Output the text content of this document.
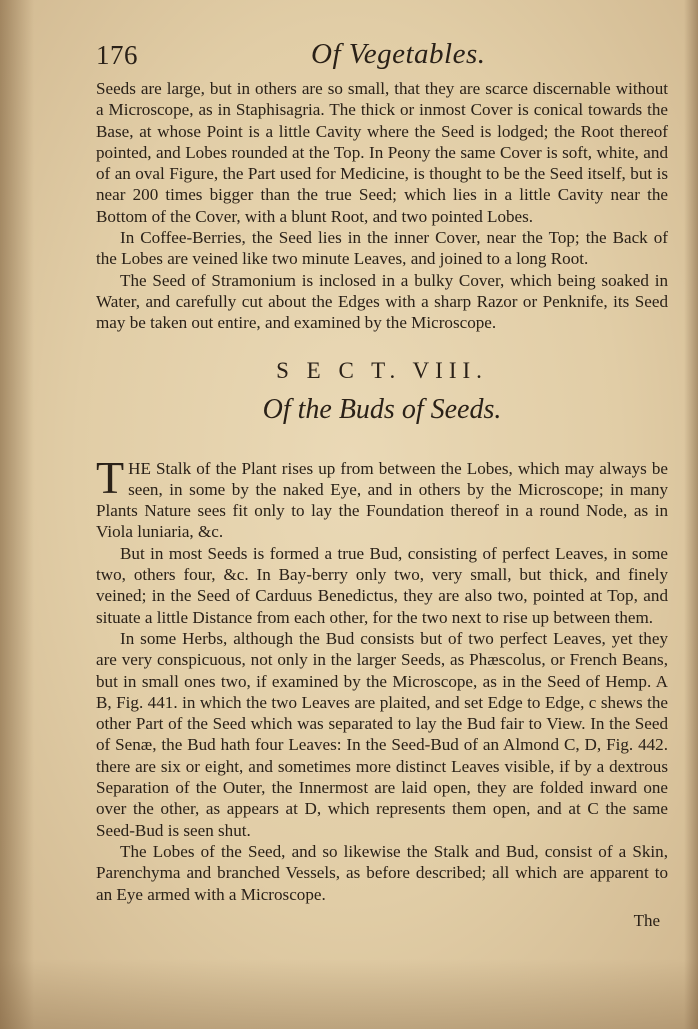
176	Of Vegetables.

Seeds are large, but in others are so small, that they are scarce discernable without a Microscope, as in Staphisagria. The thick or inmost Cover is conical towards the Base, at whose Point is a little Cavity where the Seed is lodged; the Root thereof pointed, and Lobes rounded at the Top. In Peony the same Cover is soft, white, and of an oval Figure, the Part used for Medicine, is thought to be the Seed itself, but is near 200 times bigger than the true Seed; which lies in a little Cavity near the Bottom of the Cover, with a blunt Root, and two pointed Lobes.

In Coffee-Berries, the Seed lies in the inner Cover, near the Top; the Back of the Lobes are veined like two minute Leaves, and joined to a long Root.

The Seed of Stramonium is inclosed in a bulky Cover, which being soaked in Water, and carefully cut about the Edges with a sharp Razor or Penknife, its Seed may be taken out entire, and examined by the Microscope.

S E C T. VIII.
Of the Buds of Seeds.

THE Stalk of the Plant rises up from between the Lobes, which may always be seen, in some by the naked Eye, and in others by the Microscope; in many Plants Nature sees fit only to lay the Foundation thereof in a round Node, as in Viola luniaria, &c.

But in most Seeds is formed a true Bud, consisting of perfect Leaves, in some two, others four, &c. In Bay-berry only two, very small, but thick, and finely veined; in the Seed of Carduus Benedictus, they are also two, pointed at Top, and situate a little Distance from each other, for the two next to rise up between them.

In some Herbs, although the Bud consists but of two perfect Leaves, yet they are very conspicuous, not only in the larger Seeds, as Phæscolus, or French Beans, but in small ones two, if examined by the Microscope, as in the Seed of Hemp. A B, Fig. 441. in which the two Leaves are plaited, and set Edge to Edge, c shews the other Part of the Seed which was separated to lay the Bud fair to View. In the Seed of Senæ, the Bud hath four Leaves: In the Seed-Bud of an Almond C, D, Fig. 442. there are six or eight, and sometimes more distinct Leaves visible, if by a dextrous Separation of the Outer, the Innermost are laid open, they are folded inward one over the other, as appears at D, which represents them open, and at C the same Seed-Bud is seen shut.

The Lobes of the Seed, and so likewise the Stalk and Bud, consist of a Skin, Parenchyma and branched Vessels, as before described; all which are apparent to an Eye armed with a Microscope.

The
